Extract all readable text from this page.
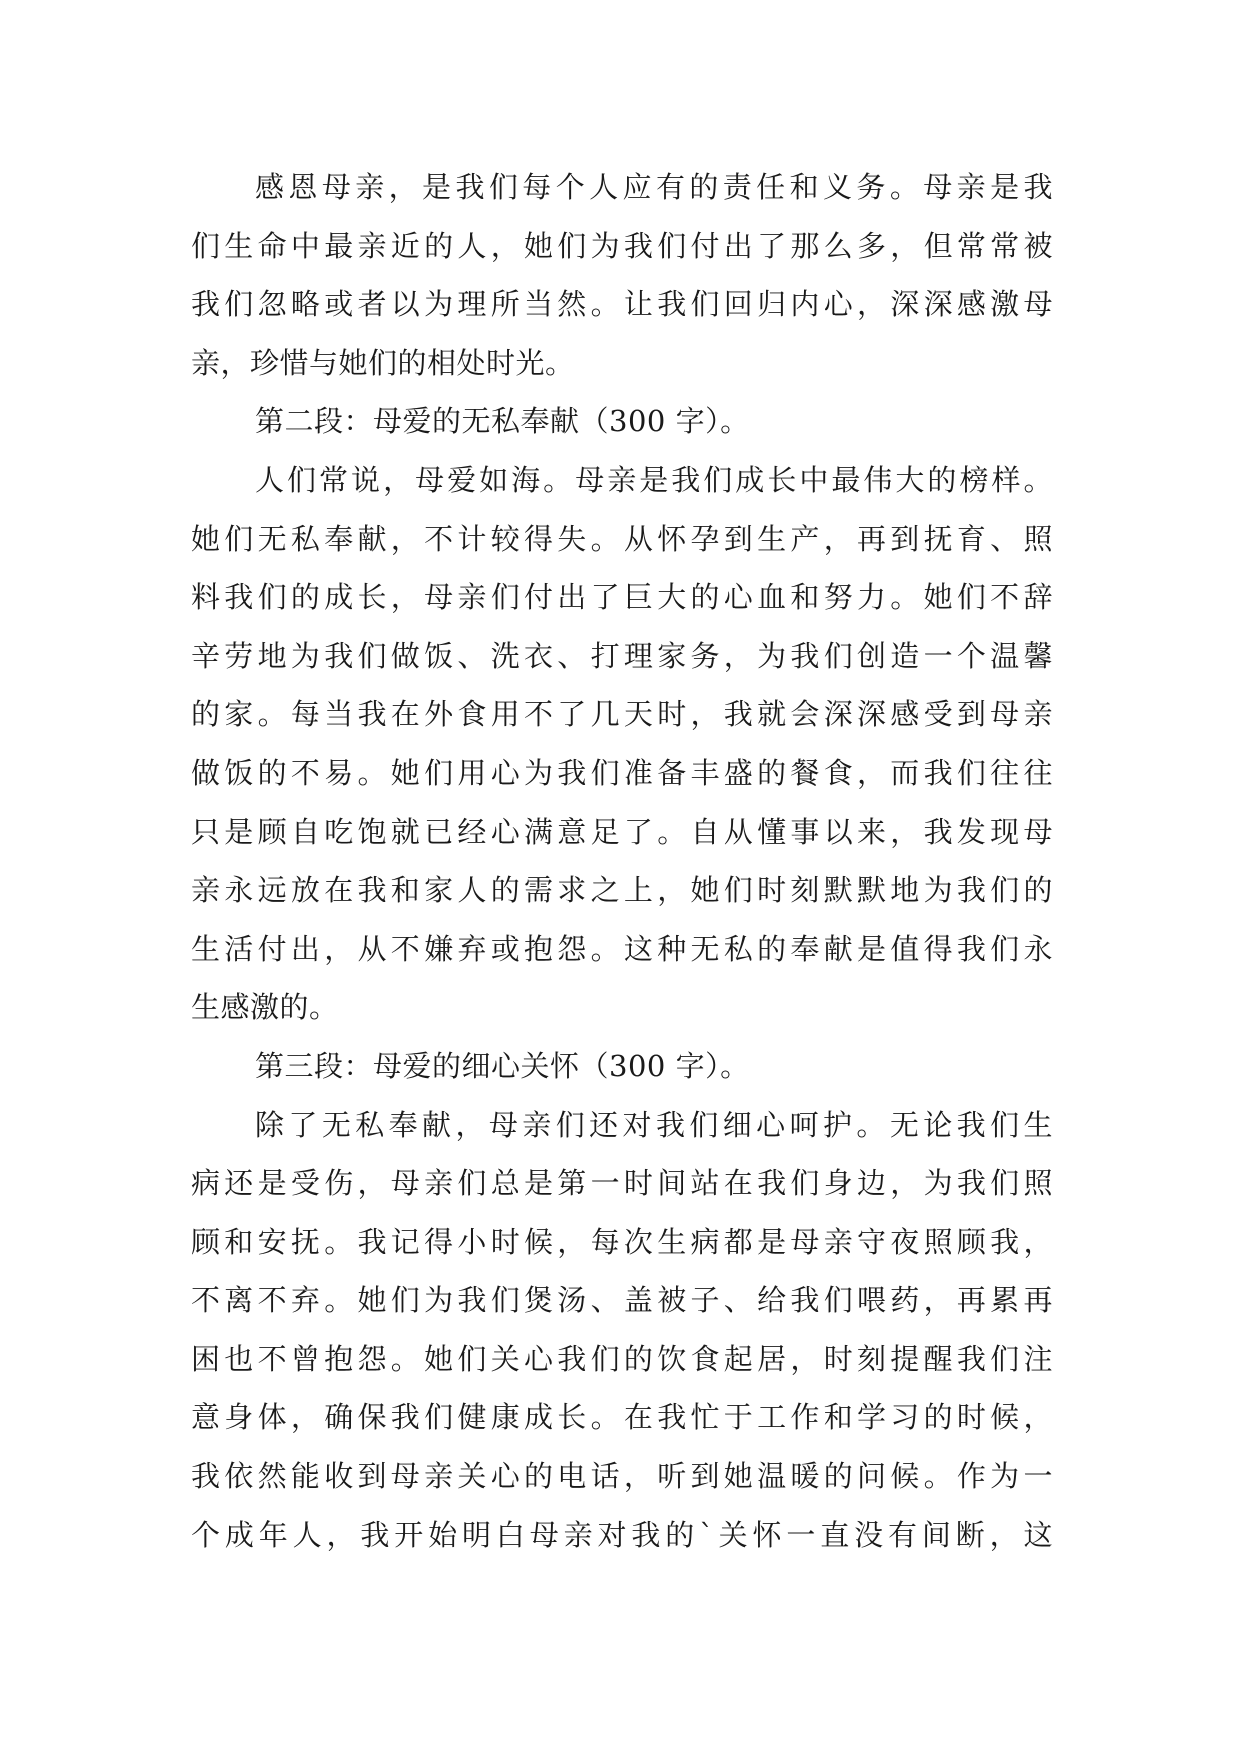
感恩母亲，是我们每个人应有的责任和义务。母亲是我
们生命中最亲近的人，她们为我们付出了那么多，但常常被
我们忽略或者以为理所当然。让我们回归内心，深深感激母
亲，珍惜与她们的相处时光。
第二段：母爱的无私奉献（300 字）。
人们常说，母爱如海。母亲是我们成长中最伟大的榜样。
她们无私奉献，不计较得失。从怀孕到生产，再到抚育、照
料我们的成长，母亲们付出了巨大的心血和努力。她们不辞
辛劳地为我们做饭、洗衣、打理家务，为我们创造一个温馨
的家。每当我在外食用不了几天时，我就会深深感受到母亲
做饭的不易。她们用心为我们准备丰盛的餐食，而我们往往
只是顾自吃饱就已经心满意足了。自从懂事以来，我发现母
亲永远放在我和家人的需求之上，她们时刻默默地为我们的
生活付出，从不嫌弃或抱怨。这种无私的奉献是值得我们永
生感激的。
第三段：母爱的细心关怀（300 字）。
除了无私奉献，母亲们还对我们细心呵护。无论我们生
病还是受伤，母亲们总是第一时间站在我们身边，为我们照
顾和安抚。我记得小时候，每次生病都是母亲守夜照顾我，
不离不弃。她们为我们煲汤、盖被子、给我们喂药，再累再
困也不曾抱怨。她们关心我们的饮食起居，时刻提醒我们注
意身体，确保我们健康成长。在我忙于工作和学习的时候，
我依然能收到母亲关心的电话，听到她温暖的问候。作为一
个成年人，我开始明白母亲对我的`关怀一直没有间断，这
